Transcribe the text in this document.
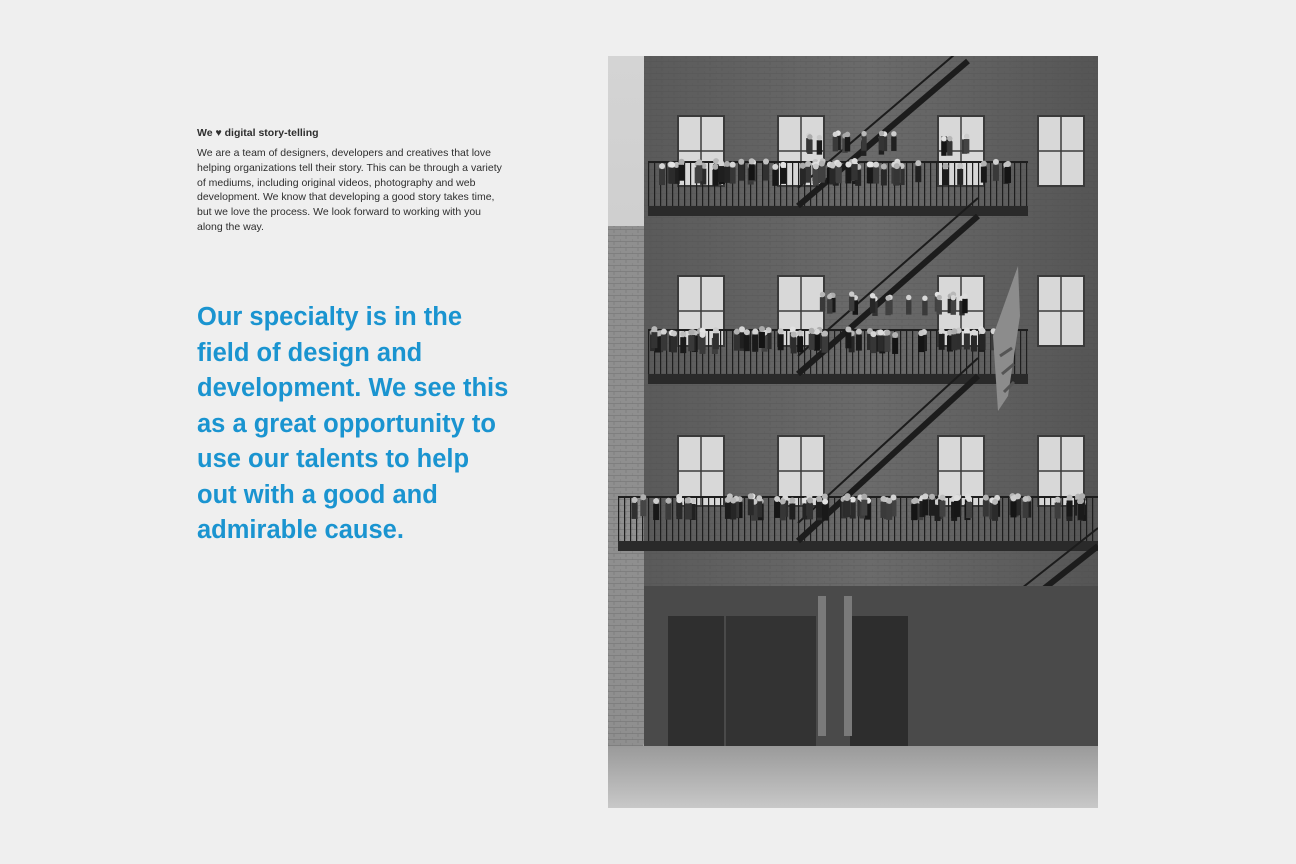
We ♥ digital story-telling

We are a team of designers, developers and creatives that love helping organizations tell their story. This can be through a variety of mediums, including original videos, photography and web development. We know that developing a good story takes time, but we love the process. We look forward to working with you along the way.

Our specialty is in the field of design and development. We see this as a great opportunity to use our talents to help out with a good and admirable cause.
